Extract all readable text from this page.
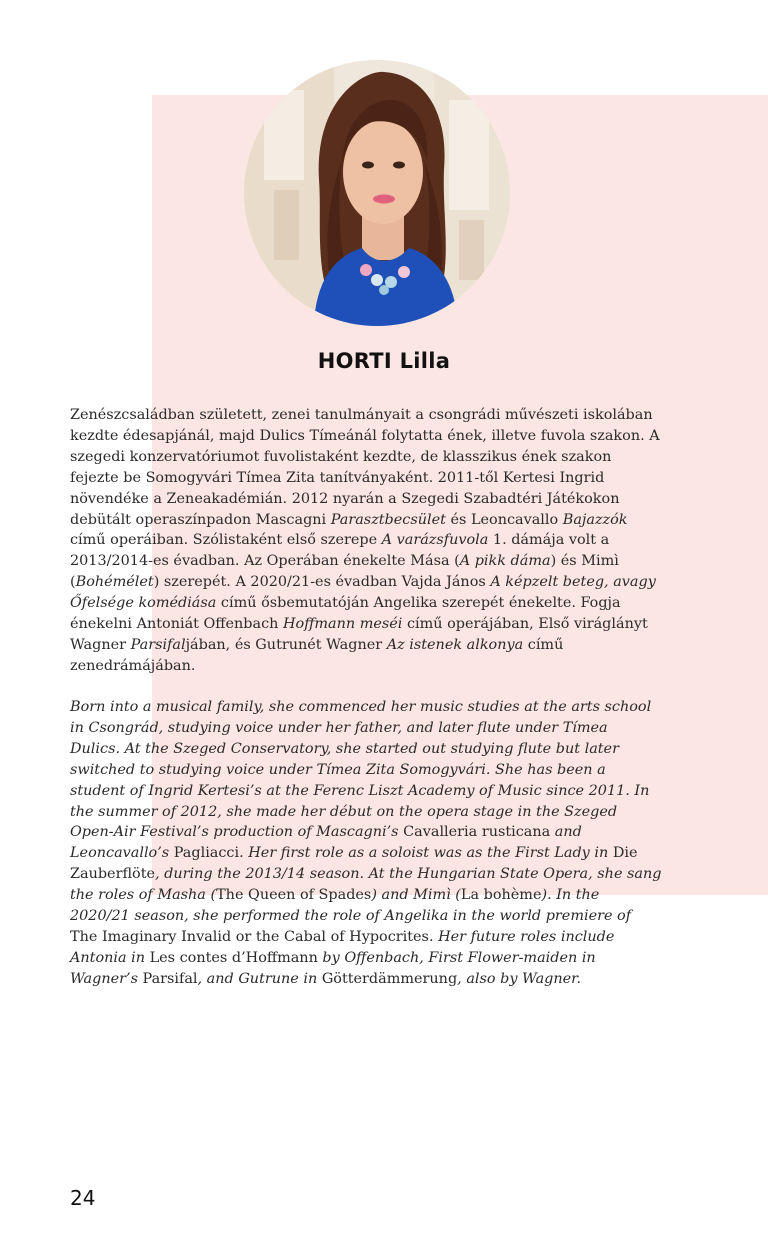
HORTI Lilla
Zenészcsaládban született, zenei tanulmányait a csongrádi művészeti iskolában kezdte édesapjánál, majd Dulics Tímeánál folytatta ének, illetve fuvola szakon. A szegedi konzervatóriumot fuvolistaként kezdte, de klasszikus ének szakon fejezte be Somogyvári Tímea Zita tanítványaként. 2011-től Kertesi Ingrid növendéke a Zeneakadémián. 2012 nyarán a Szegedi Szabadtéri Játékokon debütált operaszínpadon Mascagni Parasztbecsület és Leoncavallo Bajazzók című operáiban. Szólistaként első szerepe A varázsfuvola 1. dámája volt a 2013/2014-es évadban. Az Operában énekelte Mása (A pikk dáma) és Mimì (Bohémélet) szerepét. A 2020/21-es évadban Vajda János A képzelt beteg, avagy Őfelsége komédiása című ősbemutatóján Angelika szerepét énekelte. Fogja énekelni Antoniát Offenbach Hoffmann meséi című operájában, Első viráglányt Wagner Parsifaljában, és Gutrunét Wagner Az istenek alkonya című zenedrámájában.
Born into a musical family, she commenced her music studies at the arts school in Csongrád, studying voice under her father, and later flute under Tímea Dulics. At the Szeged Conservatory, she started out studying flute but later switched to studying voice under Tímea Zita Somogyvári. She has been a student of Ingrid Kertesi’s at the Ferenc Liszt Academy of Music since 2011. In the summer of 2012, she made her début on the opera stage in the Szeged Open-Air Festival’s production of Mascagni’s Cavalleria rusticana and Leoncavallo’s Pagliacci. Her first role as a soloist was as the First Lady in Die Zauberflöte, during the 2013/14 season. At the Hungarian State Opera, she sang the roles of Masha (The Queen of Spades) and Mimì (La bohème). In the 2020/21 season, she performed the role of Angelika in the world premiere of The Imaginary Invalid or the Cabal of Hypocrites. Her future roles include Antonia in Les contes d’Hoffmann by Offenbach, First Flower-maiden in Wagner’s Parsifal, and Gutrune in Götterdämmerung, also by Wagner.
24
